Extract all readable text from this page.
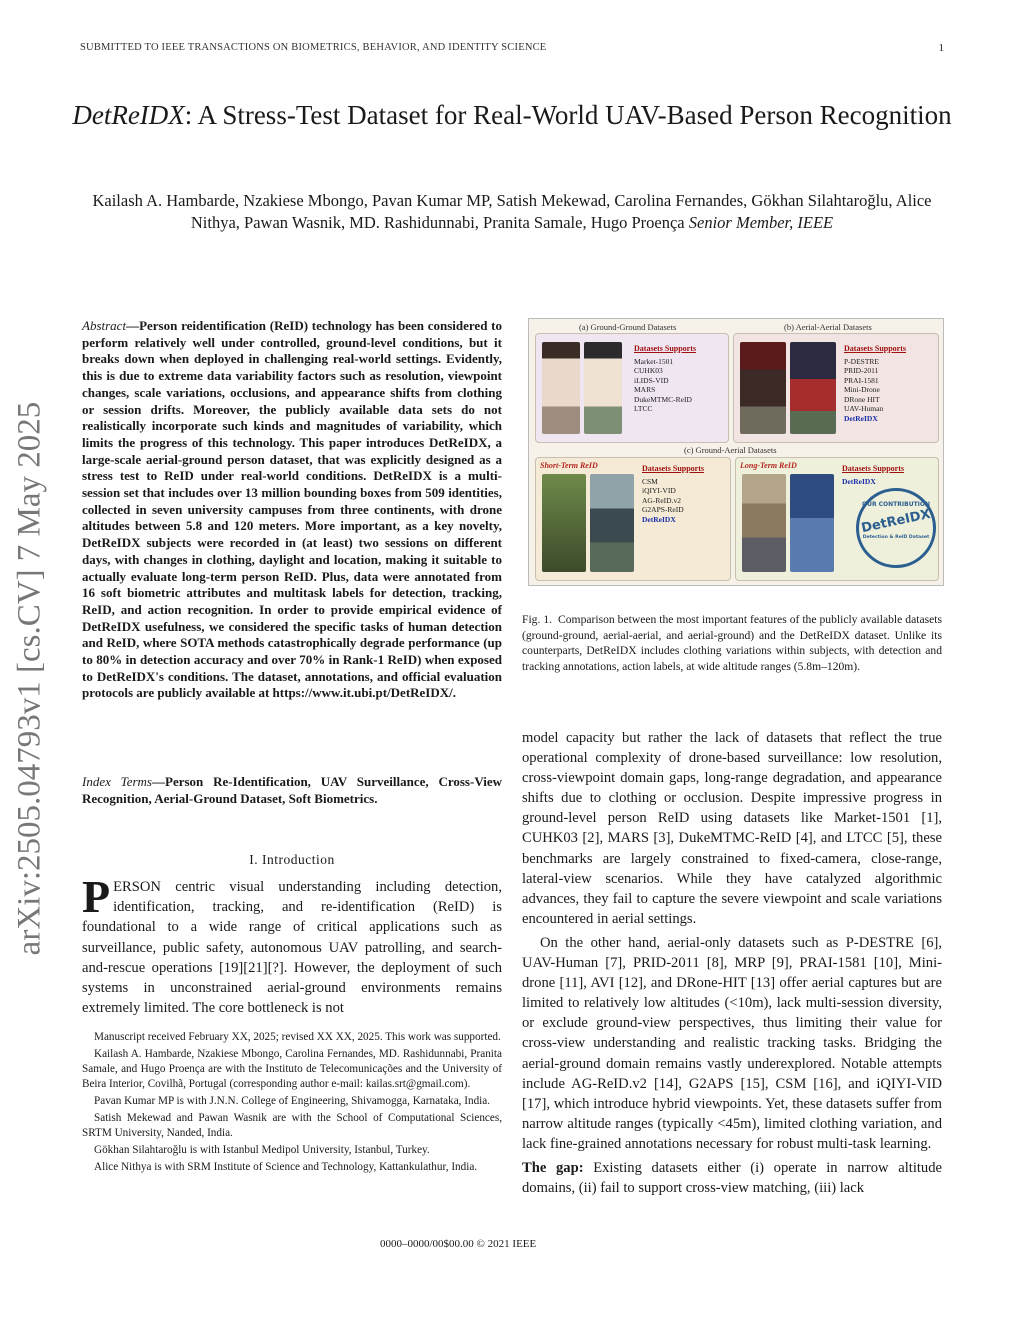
SUBMITTED TO IEEE TRANSACTIONS ON BIOMETRICS, BEHAVIOR, AND IDENTITY SCIENCE	1
arXiv:2505.04793v1 [cs.CV] 7 May 2025
DetReIDX: A Stress-Test Dataset for Real-World UAV-Based Person Recognition
Kailash A. Hambarde, Nzakiese Mbongo, Pavan Kumar MP, Satish Mekewad, Carolina Fernandes, Gökhan Silahtaroğlu, Alice Nithya, Pawan Wasnik, MD. Rashidunnabi, Pranita Samale, Hugo Proença Senior Member, IEEE
Abstract—Person reidentification (ReID) technology has been considered to perform relatively well under controlled, ground-level conditions, but it breaks down when deployed in challenging real-world settings. Evidently, this is due to extreme data variability factors such as resolution, viewpoint changes, scale variations, occlusions, and appearance shifts from clothing or session drifts. Moreover, the publicly available data sets do not realistically incorporate such kinds and magnitudes of variability, which limits the progress of this technology. This paper introduces DetReIDX, a large-scale aerial-ground person dataset, that was explicitly designed as a stress test to ReID under real-world conditions. DetReIDX is a multi-session set that includes over 13 million bounding boxes from 509 identities, collected in seven university campuses from three continents, with drone altitudes between 5.8 and 120 meters. More important, as a key novelty, DetReIDX subjects were recorded in (at least) two sessions on different days, with changes in clothing, daylight and location, making it suitable to actually evaluate long-term person ReID. Plus, data were annotated from 16 soft biometric attributes and multitask labels for detection, tracking, ReID, and action recognition. In order to provide empirical evidence of DetReIDX usefulness, we considered the specific tasks of human detection and ReID, where SOTA methods catastrophically degrade performance (up to 80% in detection accuracy and over 70% in Rank-1 ReID) when exposed to DetReIDX's conditions. The dataset, annotations, and official evaluation protocols are publicly available at https://www.it.ubi.pt/DetReIDX/.
Index Terms—Person Re-Identification, UAV Surveillance, Cross-View Recognition, Aerial-Ground Dataset, Soft Biometrics.
I. Introduction
PERSON centric visual understanding including detection, identification, tracking, and re-identification (ReID) is foundational to a wide range of critical applications such as surveillance, public safety, autonomous UAV patrolling, and search-and-rescue operations [19][21][?]. However, the deployment of such systems in unconstrained aerial-ground environments remains extremely limited. The core bottleneck is not

Manuscript received February XX, 2025; revised XX XX, 2025. This work was supported.

Kailash A. Hambarde, Nzakiese Mbongo, Carolina Fernandes, MD. Rashidunnabi, Pranita Samale, and Hugo Proença are with the Instituto de Telecomunicações and the University of Beira Interior, Covilhã, Portugal (corresponding author e-mail: kailas.srt@gmail.com).

Pavan Kumar MP is with J.N.N. College of Engineering, Shivamogga, Karnataka, India.

Satish Mekewad and Pawan Wasnik are with the School of Computational Sciences, SRTM University, Nanded, India.

Gökhan Silahtaroğlu is with Istanbul Medipol University, Istanbul, Turkey.

Alice Nithya is with SRM Institute of Science and Technology, Kattankulathur, India.

0000–0000/00$00.00 © 2021 IEEE
(a) Ground-Ground Datasets	(b) Aerial-Aerial Datasets
Datasets Supports
Market-1501
CUHK03
iLIDS-VID
MARS
DukeMTMC-ReID
LTCC
Datasets Supports
P-DESTRE
PRID-2011
PRAI-1581
Mini-Drone
DRone HIT
UAV-Human
DetReIDX
(c) Ground-Aerial Datasets
Short-Term ReID	Datasets Supports
CSM
iQIYI-VID
AG-ReID.v2
G2APS-ReID
DetReIDX
Long-Term ReID	Datasets Supports
DetReIDX
OUR CONTRIBUTION
DetReIDX
Detection & ReID Dataset
Fig. 1. Comparison between the most important features of the publicly available datasets (ground-ground, aerial-aerial, and aerial-ground) and the DetReIDX dataset. Unlike its counterparts, DetReIDX includes clothing variations within subjects, with detection and tracking annotations, action labels, at wide altitude ranges (5.8m–120m).

model capacity but rather the lack of datasets that reflect the true operational complexity of drone-based surveillance: low resolution, cross-viewpoint domain gaps, long-range degradation, and appearance shifts due to clothing or occlusion. Despite impressive progress in ground-level person ReID using datasets like Market-1501 [1], CUHK03 [2], MARS [3], DukeMTMC-ReID [4], and LTCC [5], these benchmarks are largely constrained to fixed-camera, close-range, lateral-view scenarios. While they have catalyzed algorithmic advances, they fail to capture the severe viewpoint and scale variations encountered in aerial settings.

On the other hand, aerial-only datasets such as P-DESTRE [6], UAV-Human [7], PRID-2011 [8], MRP [9], PRAI-1581 [10], Mini-drone [11], AVI [12], and DRone-HIT [13] offer aerial captures but are limited to relatively low altitudes (<10m), lack multi-session diversity, or exclude ground-view perspectives, thus limiting their value for cross-view understanding and realistic tracking tasks. Bridging the aerial-ground domain remains vastly underexplored. Notable attempts include AG-ReID.v2 [14], G2APS [15], CSM [16], and iQIYI-VID [17], which introduce hybrid viewpoints. Yet, these datasets suffer from narrow altitude ranges (typically <45m), limited clothing variation, and lack fine-grained annotations necessary for robust multi-task learning.

The gap: Existing datasets either (i) operate in narrow altitude domains, (ii) fail to support cross-view matching, (iii) lack
